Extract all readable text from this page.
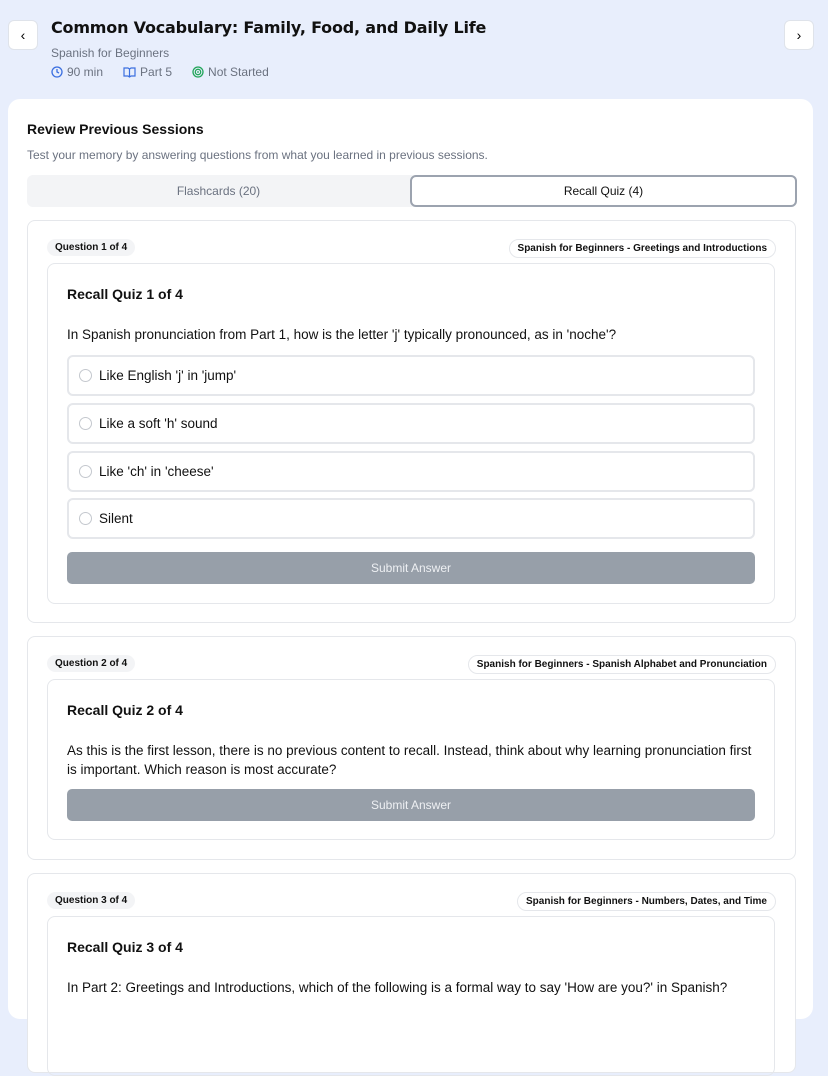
‹	›
Common Vocabulary: Family, Food, and Daily Life
Spanish for Beginners
90 min	Part 5	Not Started
Review Previous Sessions
Test your memory by answering questions from what you learned in previous sessions.
Flashcards (20)	Recall Quiz (4)
Question 1 of 4	Spanish for Beginners - Greetings and Introductions
Recall Quiz 1 of 4
In Spanish pronunciation from Part 1, how is the letter 'j' typically pronounced, as in 'noche'?
Like English 'j' in 'jump'
Like a soft 'h' sound
Like 'ch' in 'cheese'
Silent
Submit Answer
Question 2 of 4	Spanish for Beginners - Spanish Alphabet and Pronunciation
Recall Quiz 2 of 4
As this is the first lesson, there is no previous content to recall. Instead, think about why learning pronunciation first is important. Which reason is most accurate?
Submit Answer
Question 3 of 4	Spanish for Beginners - Numbers, Dates, and Time
Recall Quiz 3 of 4
In Part 2: Greetings and Introductions, which of the following is a formal way to say 'How are you?' in Spanish?
